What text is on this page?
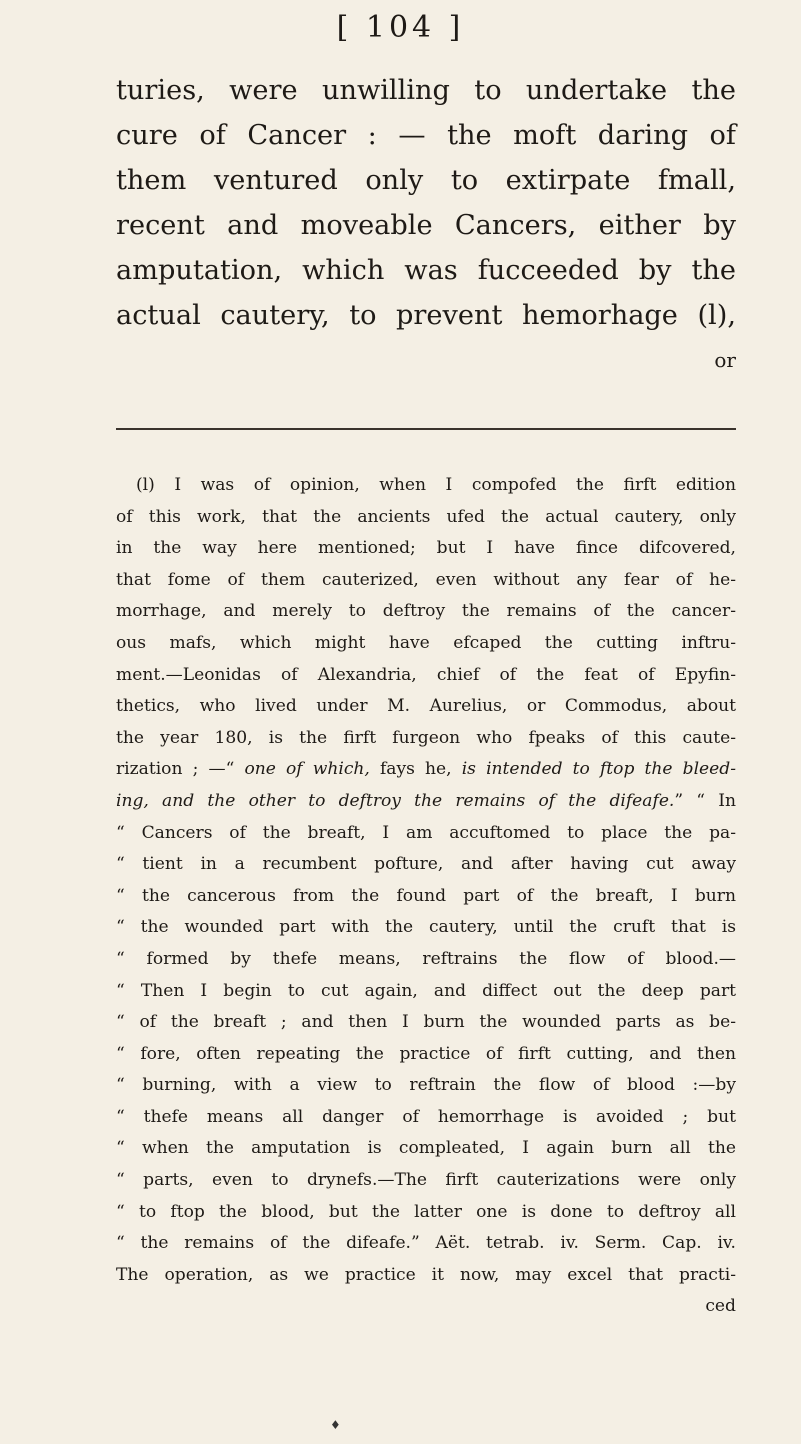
[ 104 ]
turies, were unwilling to undertake the
cure of Cancer : — the moft daring of
them ventured only to extirpate fmall,
recent and moveable Cancers, either by
amputation, which was fucceeded by the
actual cautery, to prevent hemorhage (l),
or
(l) I was of opinion, when I compofed the firft edition
of this work, that the ancients ufed the actual cautery, only
in the way here mentioned; but I have fince difcovered,
that fome of them cauterized, even without any fear of he-
morrhage, and merely to deftroy the remains of the cancer-
ous mafs, which might have efcaped the cutting inftru-
ment.—Leonidas of Alexandria, chief of the feat of Epyfin-
thetics, who lived under M. Aurelius, or Commodus, about
the year 180, is the firft furgeon who fpeaks of this caute-
rization ; —“ one of which, fays he, is intended to ftop the bleed-
ing, and the other to deftroy the remains of the difeafe.” “ In
“ Cancers of the breaft, I am accuftomed to place the pa-
“ tient in a recumbent pofture, and after having cut away
“ the cancerous from the found part of the breaft, I burn
“ the wounded part with the cautery, until the cruft that is
“ formed by thefe means, reftrains the flow of blood.—
“ Then I begin to cut again, and diffect out the deep part
“ of the breaft ; and then I burn the wounded parts as be-
“ fore, often repeating the practice of firft cutting, and then
“ burning, with a view to reftrain the flow of blood :—by
“ thefe means all danger of hemorrhage is avoided ; but
“ when the amputation is compleated, I again burn all the
“ parts, even to drynefs.—The firft cauterizations were only
“ to ftop the blood, but the latter one is done to deftroy all
“ the remains of the difeafe.” Aët. tetrab. iv. Serm. Cap. iv.
The operation, as we practice it now, may excel that practi-
ced
♦
